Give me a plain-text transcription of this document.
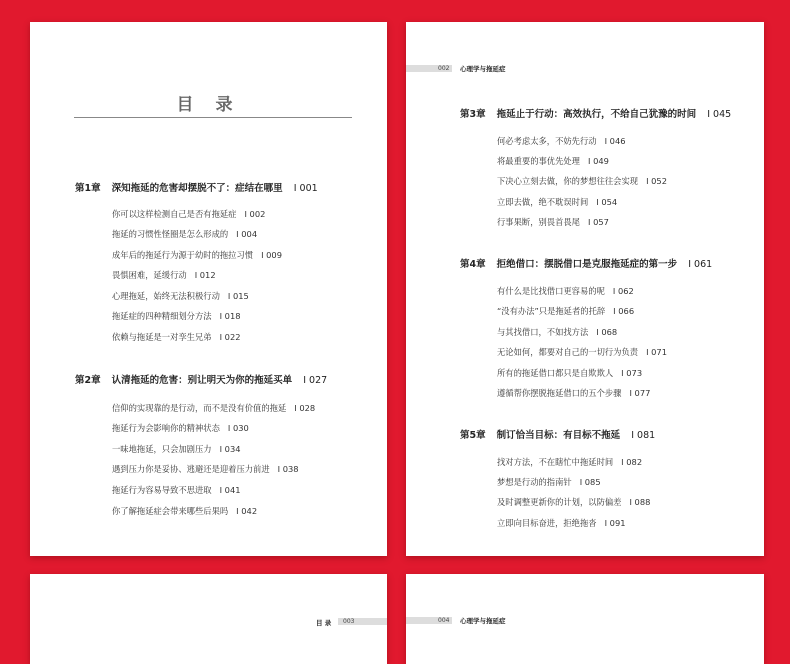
目 录
第1章 深知拖延的危害却摆脱不了：症结在哪里 I 001
你可以这样检测自己是否有拖延症 I 002
拖延的习惯性怪圈是怎么形成的 I 004
成年后的拖延行为源于幼时的拖拉习惯 I 009
畏惧困难，延缓行动 I 012
心理拖延，始终无法积极行动 I 015
拖延症的四种精细划分方法 I 018
依赖与拖延是一对孪生兄弟 I 022
第2章 认清拖延的危害：别让明天为你的拖延买单 I 027
信仰的实现靠的是行动，而不是没有价值的拖延 I 028
拖延行为会影响你的精神状态 I 030
一味地拖延，只会加剧压力 I 034
遇到压力你是妥协、逃避还是迎着压力前进 I 038
拖延行为容易导致不思进取 I 041
你了解拖延症会带来哪些后果吗 I 042
002 心理学与拖延症
第3章 拖延止于行动：高效执行，不给自己犹豫的时间 I 045
何必考虑太多，不妨先行动 I 046
将最重要的事优先处理 I 049
下决心立刻去做，你的梦想往往会实现 I 052
立即去做，绝不耽误时间 I 054
行事果断，别畏首畏尾 I 057
第4章 拒绝借口：摆脱借口是克服拖延症的第一步 I 061
有什么是比找借口更容易的呢 I 062
“没有办法”只是拖延者的托辞 I 066
与其找借口，不如找方法 I 068
无论如何，都要对自己的一切行为负责 I 071
所有的拖延借口都只是自欺欺人 I 073
遵循帮你摆脱拖延借口的五个步骤 I 077
第5章 制订恰当目标：有目标不拖延 I 081
找对方法，不在瞎忙中拖延时间 I 082
梦想是行动的指南针 I 085
及时调整更新你的计划，以防偏差 I 088
立即向目标奋进，拒绝拖沓 I 091
目 录 003	004 心理学与拖延症
